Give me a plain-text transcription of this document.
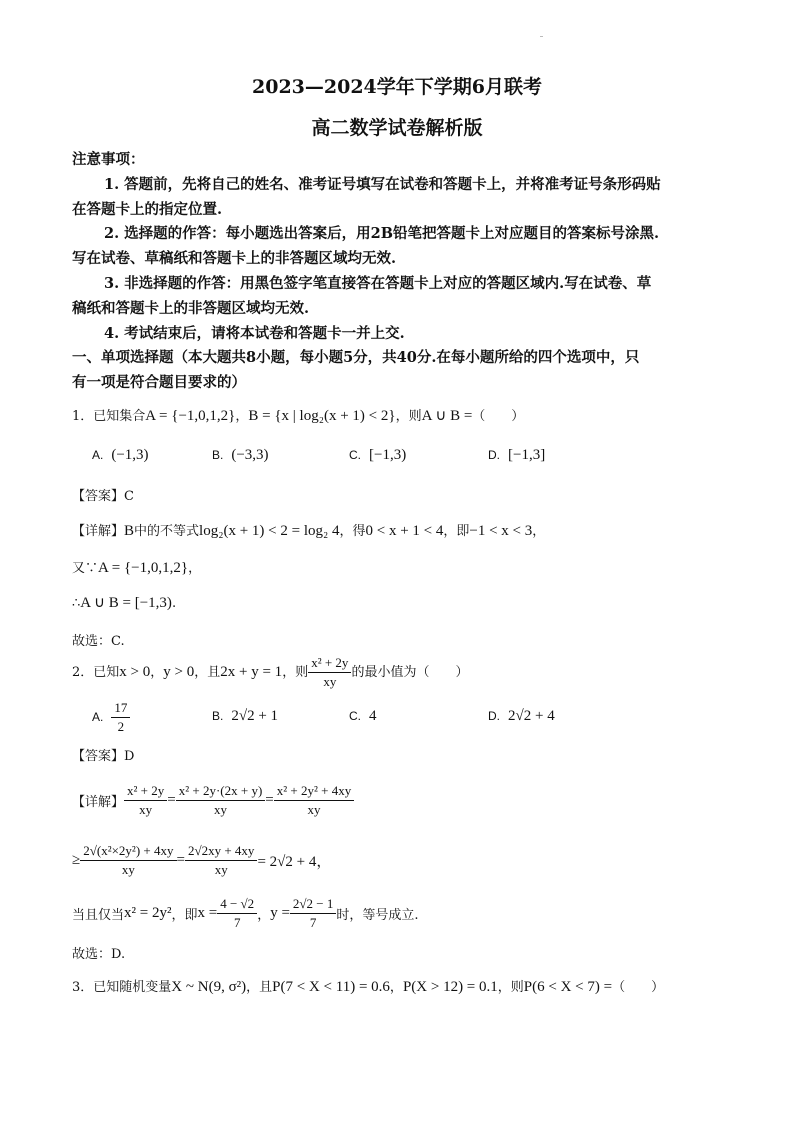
2023—2024学年下学期6月联考
高二数学试卷解析版
注意事项：
1. 答题前，先将自己的姓名、准考证号填写在试卷和答题卡上，并将准考证号条形码贴
在答题卡上的指定位置.
2. 选择题的作答：每小题选出答案后，用2B铅笔把答题卡上对应题目的答案标号涂黑.
写在试卷、草稿纸和答题卡上的非答题区域均无效.
3. 非选择题的作答：用黑色签字笔直接答在答题卡上对应的答题区域内.写在试卷、草
稿纸和答题卡上的非答题区域均无效.
4. 考试结束后，请将本试卷和答题卡一并上交.
一、单项选择题（本大题共8小题，每小题5分，共40分.在每小题所给的四个选项中，只
有一项是符合题目要求的）
1．已知集合A = {−1,0,1,2}，B = {x | log₂(x + 1) < 2}，则A ∪ B =（　　）
A. (−1,3)	B. (−3,3)	C. [−1,3)	D. [−1,3]
【答案】C
【详解】B中的不等式log₂(x + 1) < 2 = log₂ 4，得0 < x + 1 < 4，即−1 < x < 3，
又∵A = {−1,0,1,2}，
∴A ∪ B = [−1,3).
故选：C.
2．已知x > 0，y > 0，且2x + y = 1，则 $\frac{\text{x² + 2y}}{xy}$ 的最小值为（　　）
A. $\frac{17}{2}$	B. 2√2 + 1	C. 4	D. 2√2 + 4
【答案】D
【详解】 $\frac{\text{x² + 2y}}{xy} = \frac{\text{x² + 2y·(2x + y)}}{xy} = \frac{\text{x² + 2y² + 4xy}}{xy}$
≥ $\frac{\text{2√(x²×2y²) + 4xy}}{xy} = \frac{2√2xy + 4xy}{xy} = 2√2 + 4$，
当且仅当x² = 2y²，即$x = \frac{4 - √2}{7}$ ，$y = \frac{2√2 - 1}{7}$ 时，等号成立.
故选：D.
3．已知随机变量X ~ N(9, σ²)，且P(7 < X < 11) = 0.6，P(X > 12) = 0.1，则P(6 < X < 7) =（　　）
